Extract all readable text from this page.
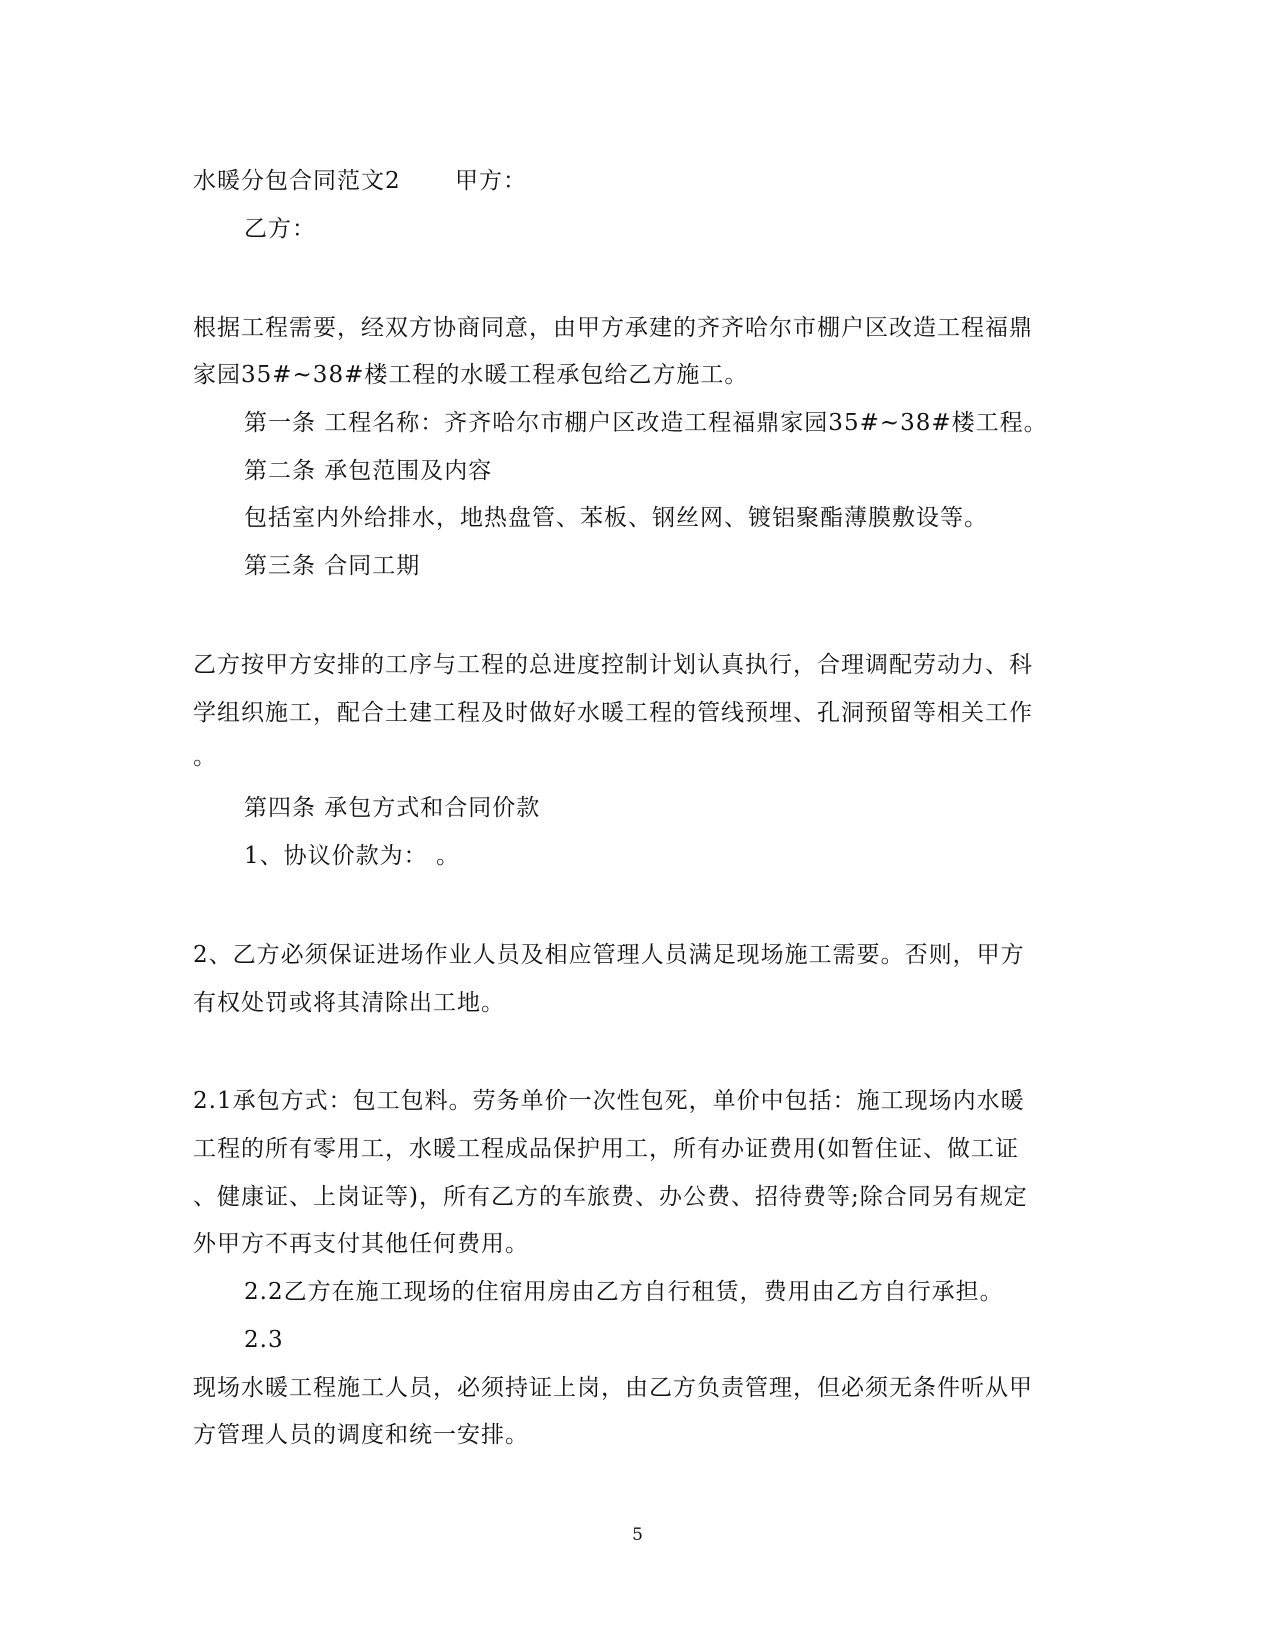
水暖分包合同范文2 甲方：
乙方：
根据工程需要，经双方协商同意，由甲方承建的齐齐哈尔市棚户区改造工程福鼎
家园35#~38#楼工程的水暖工程承包给乙方施工。
第一条 工程名称：齐齐哈尔市棚户区改造工程福鼎家园35#~38#楼工程。
第二条 承包范围及内容
包括室内外给排水，地热盘管、苯板、钢丝网、镀铝聚酯薄膜敷设等。
第三条 合同工期
乙方按甲方安排的工序与工程的总进度控制计划认真执行，合理调配劳动力、科
学组织施工，配合土建工程及时做好水暖工程的管线预埋、孔洞预留等相关工作
。
第四条 承包方式和合同价款
1、协议价款为： 。
2、乙方必须保证进场作业人员及相应管理人员满足现场施工需要。否则，甲方
有权处罚或将其清除出工地。
2.1承包方式：包工包料。劳务单价一次性包死，单价中包括：施工现场内水暖
工程的所有零用工，水暖工程成品保护用工，所有办证费用(如暂住证、做工证
、健康证、上岗证等)，所有乙方的车旅费、办公费、招待费等;除合同另有规定
外甲方不再支付其他任何费用。
2.2乙方在施工现场的住宿用房由乙方自行租赁，费用由乙方自行承担。
2.3
现场水暖工程施工人员，必须持证上岗，由乙方负责管理，但必须无条件听从甲
方管理人员的调度和统一安排。
5
